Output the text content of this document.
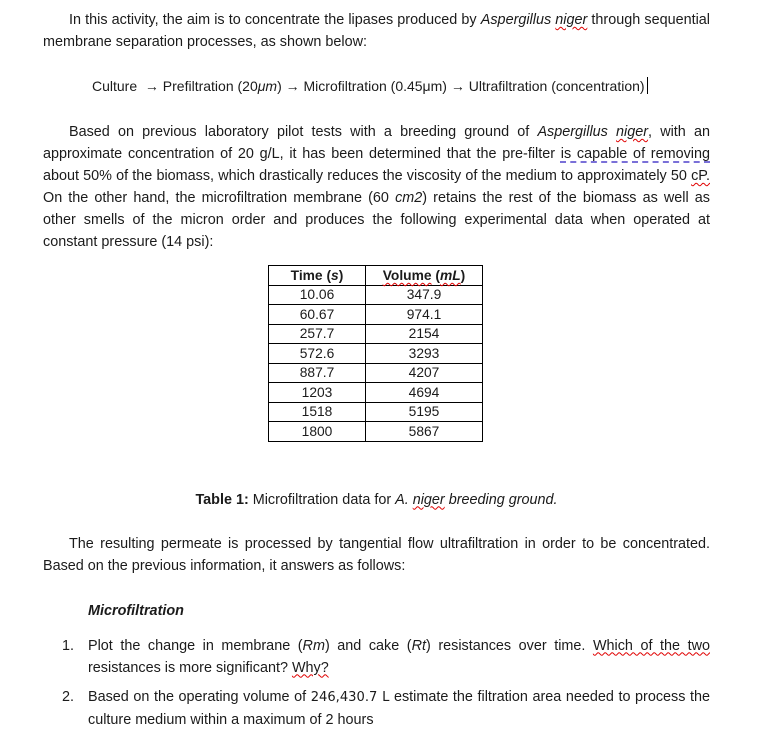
In this activity, the aim is to concentrate the lipases produced by Aspergillus niger through sequential membrane separation processes, as shown below:

Culture  → Prefiltration (20μm) → Microfiltration (0.45μm) → Ultrafiltration (concentration)

Based on previous laboratory pilot tests with a breeding ground of Aspergillus niger, with an approximate concentration of 20 g/L, it has been determined that the pre-filter is capable of removing about 50% of the biomass, which drastically reduces the viscosity of the medium to approximately 50 cP. On the other hand, the microfiltration membrane (60 cm2) retains the rest of the biomass as well as other smells of the micron order and produces the following experimental data when operated at constant pressure (14 psi):

Time (s)	Volume (mL)
10.06	347.9
60.67	974.1
257.7	2154
572.6	3293
887.7	4207
1203	4694
1518	5195
1800	5867

Table 1: Microfiltration data for A. niger breeding ground.

The resulting permeate is processed by tangential flow ultrafiltration in order to be concentrated. Based on the previous information, it answers as follows:

Microfiltration
1. Plot the change in membrane (Rm) and cake (Rt) resistances over time. Which of the two resistances is more significant? Why?
2. Based on the operating volume of 246,430.7 L estimate the filtration area needed to process the culture medium within a maximum of 2 hours
